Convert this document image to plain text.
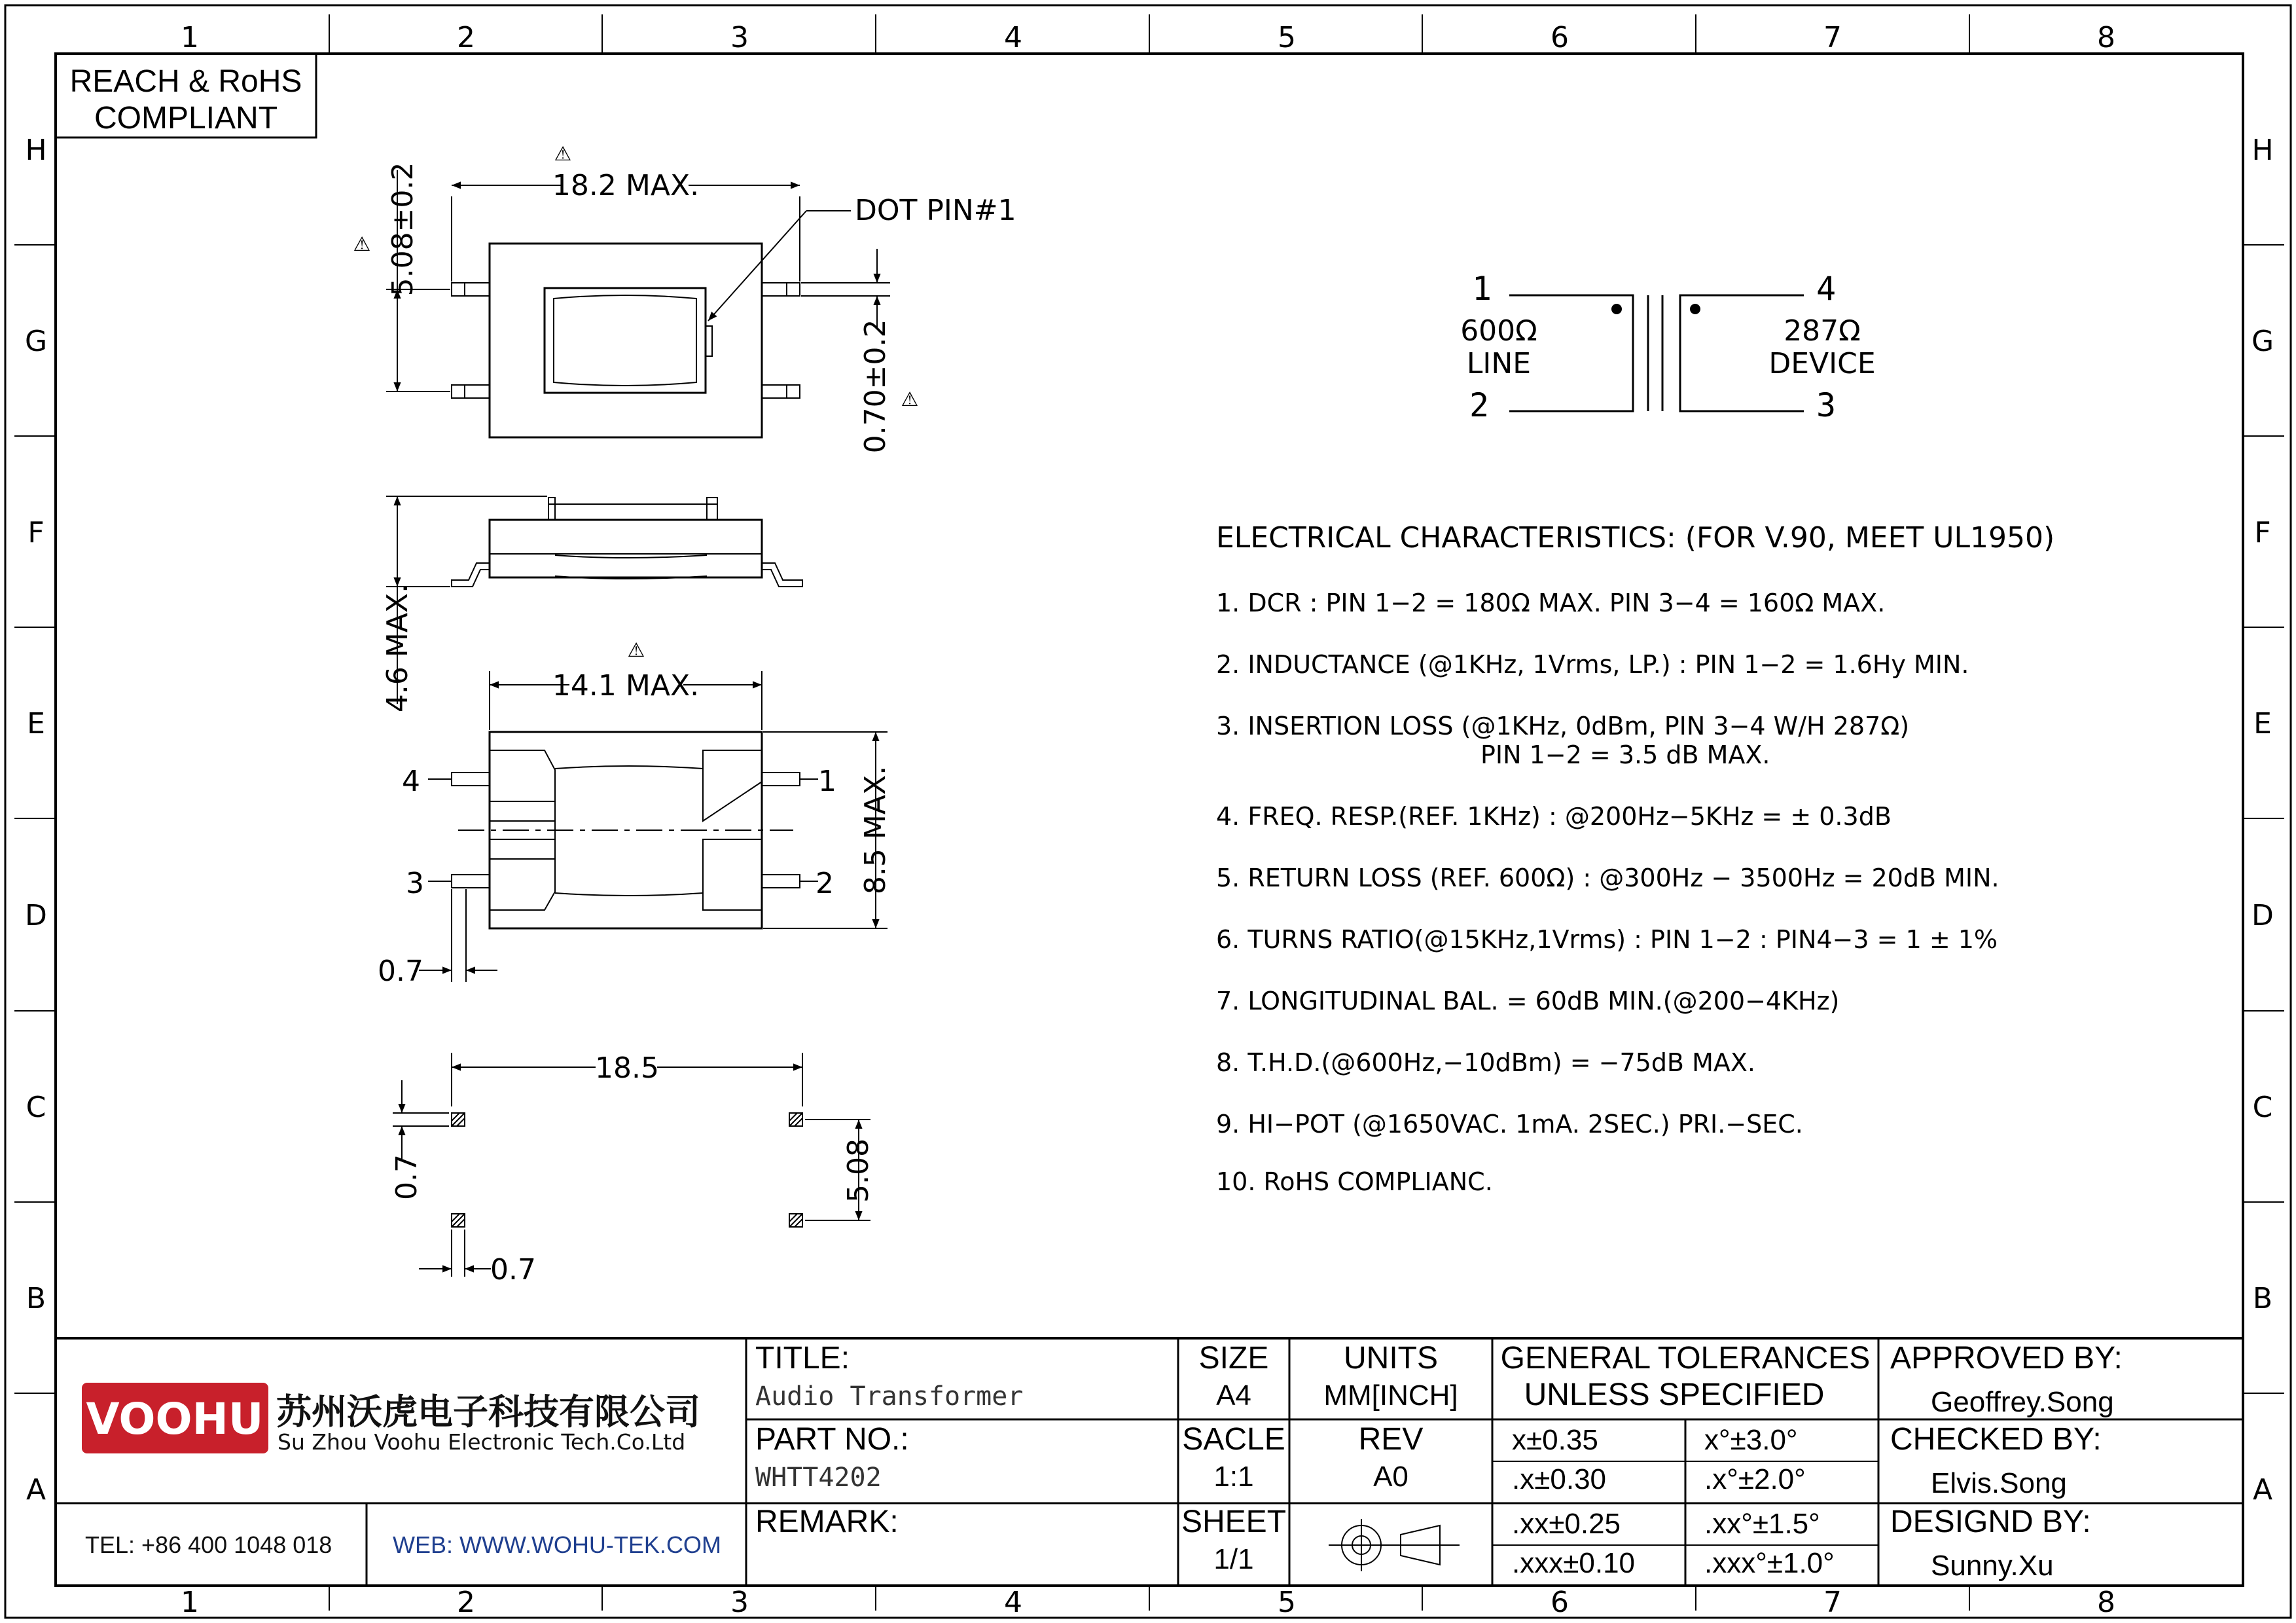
1	2	3	4	5	6	7	8
1	2	3	4	5	6	7	8
H
G
F
E
D
C
B
A
H
G
F
E
D
C
B
A
REACH & RoHS
COMPLIANT
18.2 MAX.
⚠
⚠
⚠
5.08±0.2
0.70±0.2
DOT PIN#1
4.6 MAX.	⚠
14.1 MAX.
4
3
1
2 8.5 MAX.
0.7
18.5
0.7	5.08
0.7
1
2	3
4
600Ω
LINE
287Ω
DEVICE
ELECTRICAL CHARACTERISTICS: (FOR V.90, MEET UL1950)
1. DCR : PIN 1−2 = 180Ω MAX. PIN 3−4 = 160Ω MAX.
2. INDUCTANCE (@1KHz, 1Vrms, LP.) : PIN 1−2 = 1.6Hy MIN.
3. INSERTION LOSS (@1KHz, 0dBm, PIN 3−4 W/H 287Ω)
PIN 1−2 = 3.5 dB MAX.
4. FREQ. RESP.(REF. 1KHz) : @200Hz−5KHz = ± 0.3dB
5. RETURN LOSS (REF. 600Ω) : @300Hz − 3500Hz = 20dB MIN.
6. TURNS RATIO(@15KHz,1Vrms) : PIN 1−2 : PIN4−3 = 1 ± 1%
7. LONGITUDINAL BAL. = 60dB MIN.(@200−4KHz)
8. T.H.D.(@600Hz,−10dBm) = −75dB MAX.
9. HI−POT (@1650VAC. 1mA. 2SEC.) PRI.−SEC.
10. RoHS COMPLIANC.
VOOHU 苏州沃虎电子科技有限公司
Su Zhou Voohu Electronic Tech.Co.Ltd
TEL: +86 400 1048 018	WEB: WWW.WOHU-TEK.COM
TITLE:
Audio Transformer
PART NO.:
WHTT4202
REMARK:
SIZE
A4
SACLE
1:1
SHEET
1/1
UNITS
MM[INCH]
REV
A0
GENERAL TOLERANCES
UNLESS SPECIFIED
x±0.35	x°±3.0°
.x±0.30	.x°±2.0°
.xx±0.25	.xx°±1.5°
.xxx±0.10 .xxx°±1.0°
APPROVED BY:
Geoffrey.Song
CHECKED BY:
Elvis.Song
DESIGND BY:
Sunny.Xu
